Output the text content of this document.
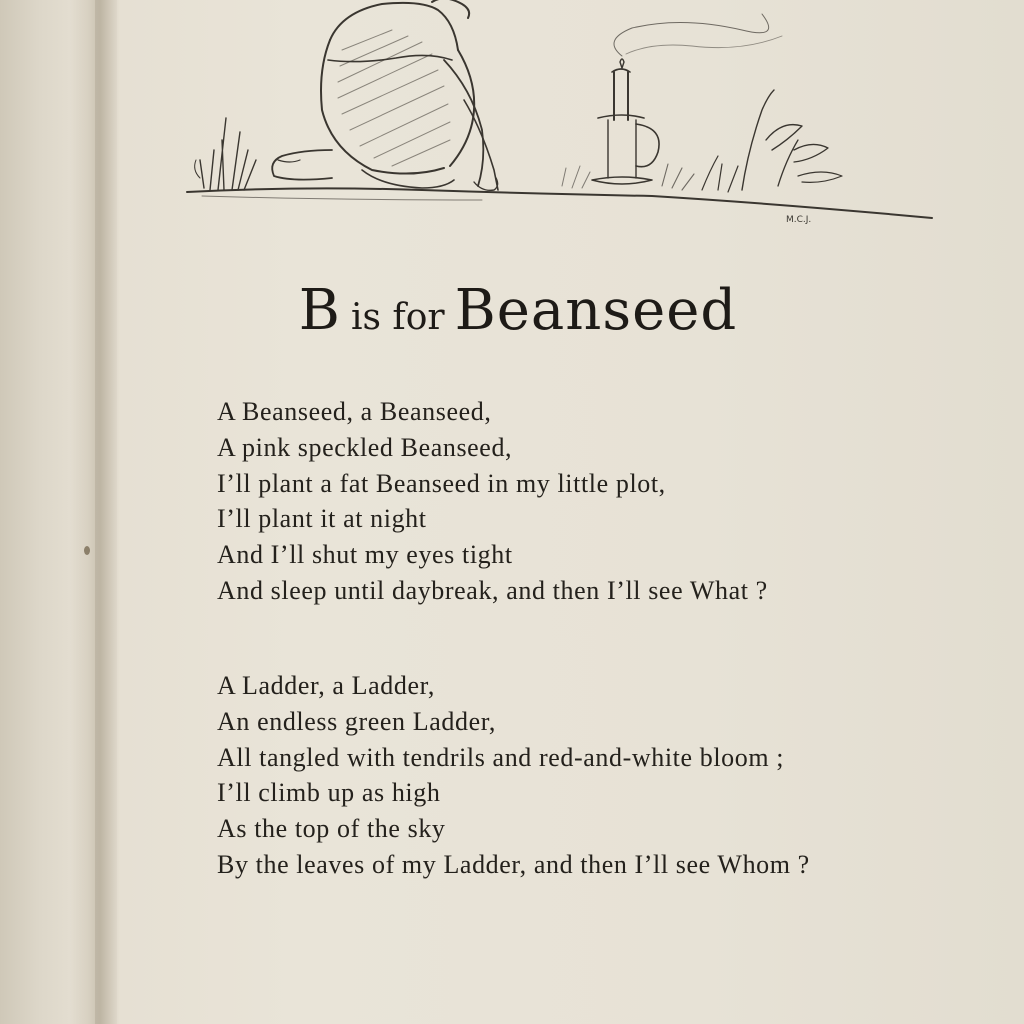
M.C.J.
Bis for Beanseed
A Beanseed, a Beanseed,
A pink speckled Beanseed,
I’ll plant a fat Beanseed in my little plot,
I’ll plant it at night
And I’ll shut my eyes tight
And sleep until daybreak, and then I’ll see What ?
A Ladder, a Ladder,
An endless green Ladder,
All tangled with tendrils and red-and-white bloom ;
I’ll climb up as high
As the top of the sky
By the leaves of my Ladder, and then I’ll see Whom ?
